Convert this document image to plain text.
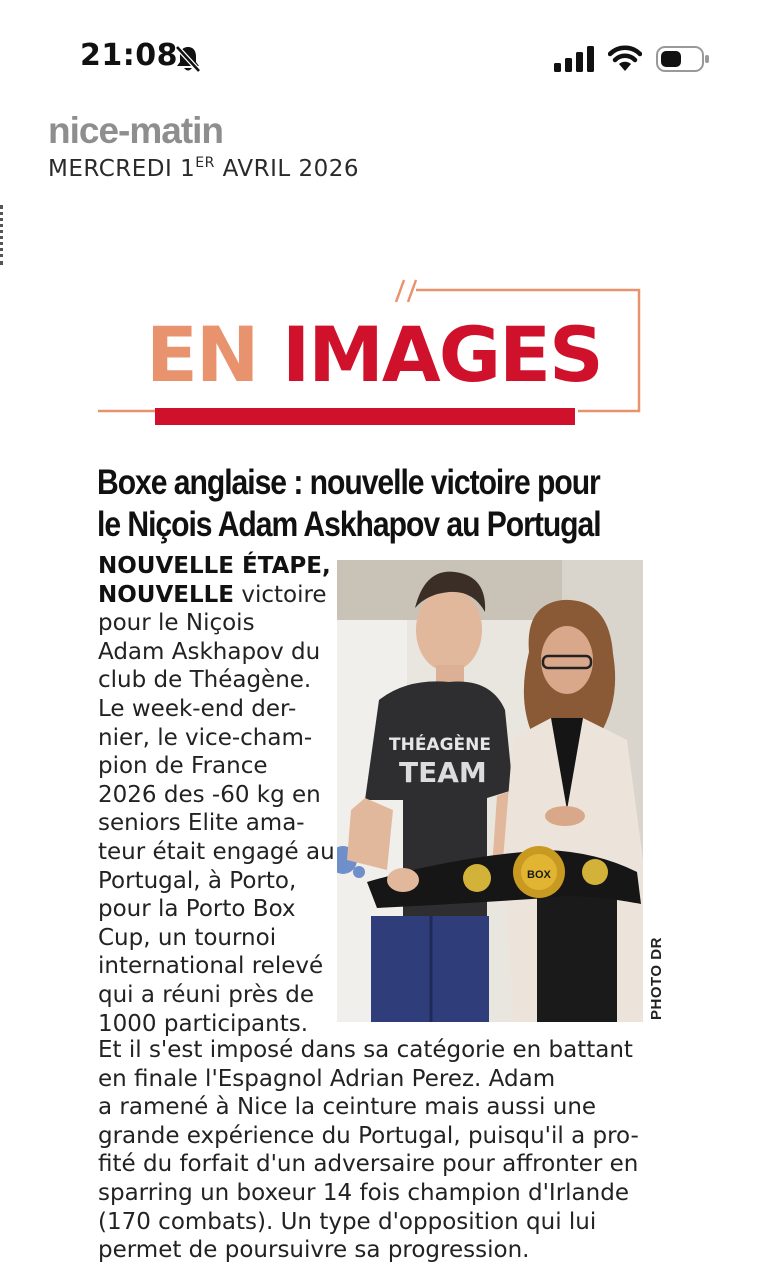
21:08
nice-matin
MERCREDI 1ER AVRIL 2026
EN IMAGES
Boxe anglaise : nouvelle victoire pour
le Niçois Adam Askhapov au Portugal
NOUVELLE ÉTAPE,
NOUVELLE victoire
pour le Niçois
Adam Askhapov du
club de Théagène.
Le week-end der-
nier, le vice-cham-
pion de France
2026 des -60 kg en
seniors Elite ama-
teur était engagé au
Portugal, à Porto,
pour la Porto Box
Cup, un tournoi
international relevé
qui a réuni près de
1000 participants.
THÉAGÈNE
TEAM
BOX
PHOTO DR
Et il s'est imposé dans sa catégorie en battant
en finale l'Espagnol Adrian Perez. Adam
a ramené à Nice la ceinture mais aussi une
grande expérience du Portugal, puisqu'il a pro-
fité du forfait d'un adversaire pour affronter en
sparring un boxeur 14 fois champion d'Irlande
(170 combats). Un type d'opposition qui lui
permet de poursuivre sa progression.
